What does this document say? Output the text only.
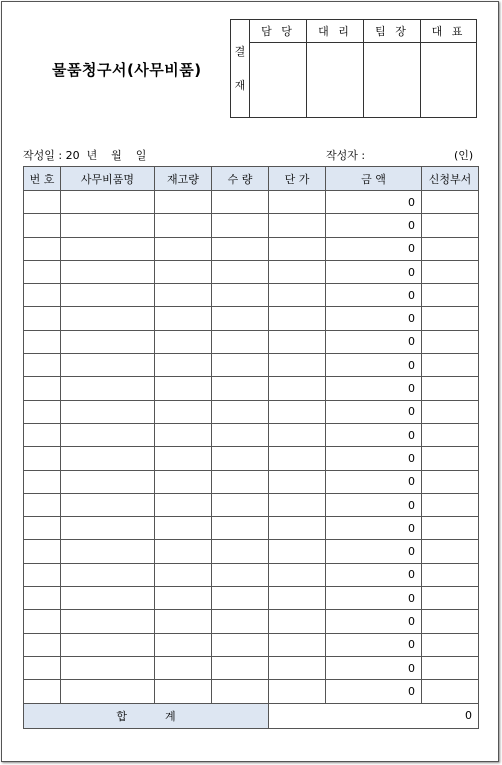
물품청구서(사무비품)
결
재
담 당	대 리	팀 장	대 표
작성일 : 20  년    월    일	작성자 :	(인)
번 호	사무비품명	재고량	수 량	단 가	금 액	신청부서
					0	
					0	
					0	
					0	
					0	
					0	
					0	
					0	
					0	
					0	
					0	
					0	
					0	
					0	
					0	
					0	
					0	
					0	
					0	
					0	
					0	
					0	
합계				0		
